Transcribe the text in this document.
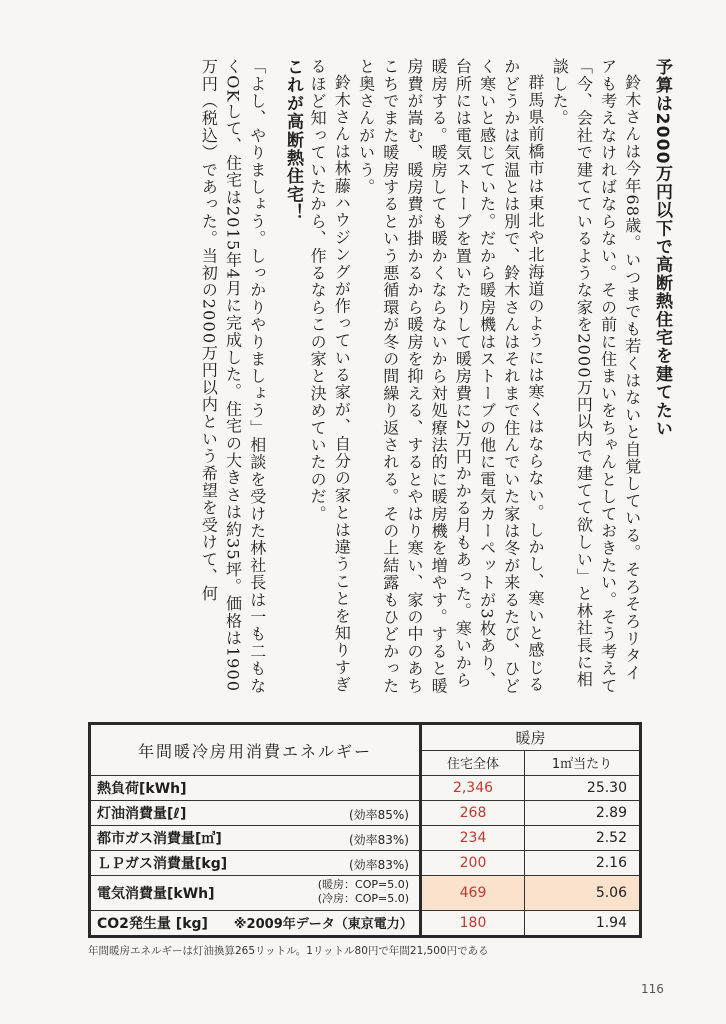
予算は2000万円以下で高断熱住宅を建てたい

鈴木さんは今年68歳。いつまでも若くはないと自覚している。そろそろリタイアも考えなければならない。その前に住まいをちゃんとしておきたい。そう考えて「今、会社で建てているような家を2000万円以内で建てて欲しい」と林社長に相談した。

群馬県前橋市は東北や北海道のようには寒くはならない。しかし、寒いと感じるかどうかは気温とは別で、鈴木さんはそれまで住んでいた家は冬が来るたび、ひどく寒いと感じていた。だから暖房機はストーブの他に電気カーペットが3枚あり、台所には電気ストーブを置いたりして暖房費に2万円かかる月もあった。寒いから暖房する。暖房しても暖かくならないから対処療法的に暖房機を増やす。すると暖房費が嵩む、暖房費が掛かるから暖房を抑える、するとやはり寒い、家の中のあちこちでまた暖房するという悪循環が冬の間繰り返される。その上結露もひどかったと奥さんがいう。

鈴木さんは林藤ハウジングが作っている家が、自分の家とは違うことを知りすぎるほど知っていたから、作るならこの家と決めていたのだ。

これが高断熱住宅！

「よし、やりましょう。しっかりやりましょう」相談を受けた林社長は一も二もなくOKして、住宅は2015年4月に完成した。住宅の大きさは約35坪。価格は1900万円（税込）であった。当初の2000万円以内という希望を受けて、何

年間暖冷房用消費エネルギー	暖房	
	住宅全体	1㎡当たり
熱負荷[kWh]	2,346	25.30
灯油消費量[ℓ] (効率85%)	268	2.89
都市ガス消費量[㎥] (効率83%)	234	2.52
ＬＰガス消費量[kg] (効率83%)	200	2.16
電気消費量[kWh]
(暖房：COP=5.0)
(冷房：COP=5.0)	469	5.06
CO2発生量 [kg] ※2009年データ（東京電力）	180	1.94
年間暖房エネルギーは灯油換算265リットル。1リットル80円で年間21,500円である
116
